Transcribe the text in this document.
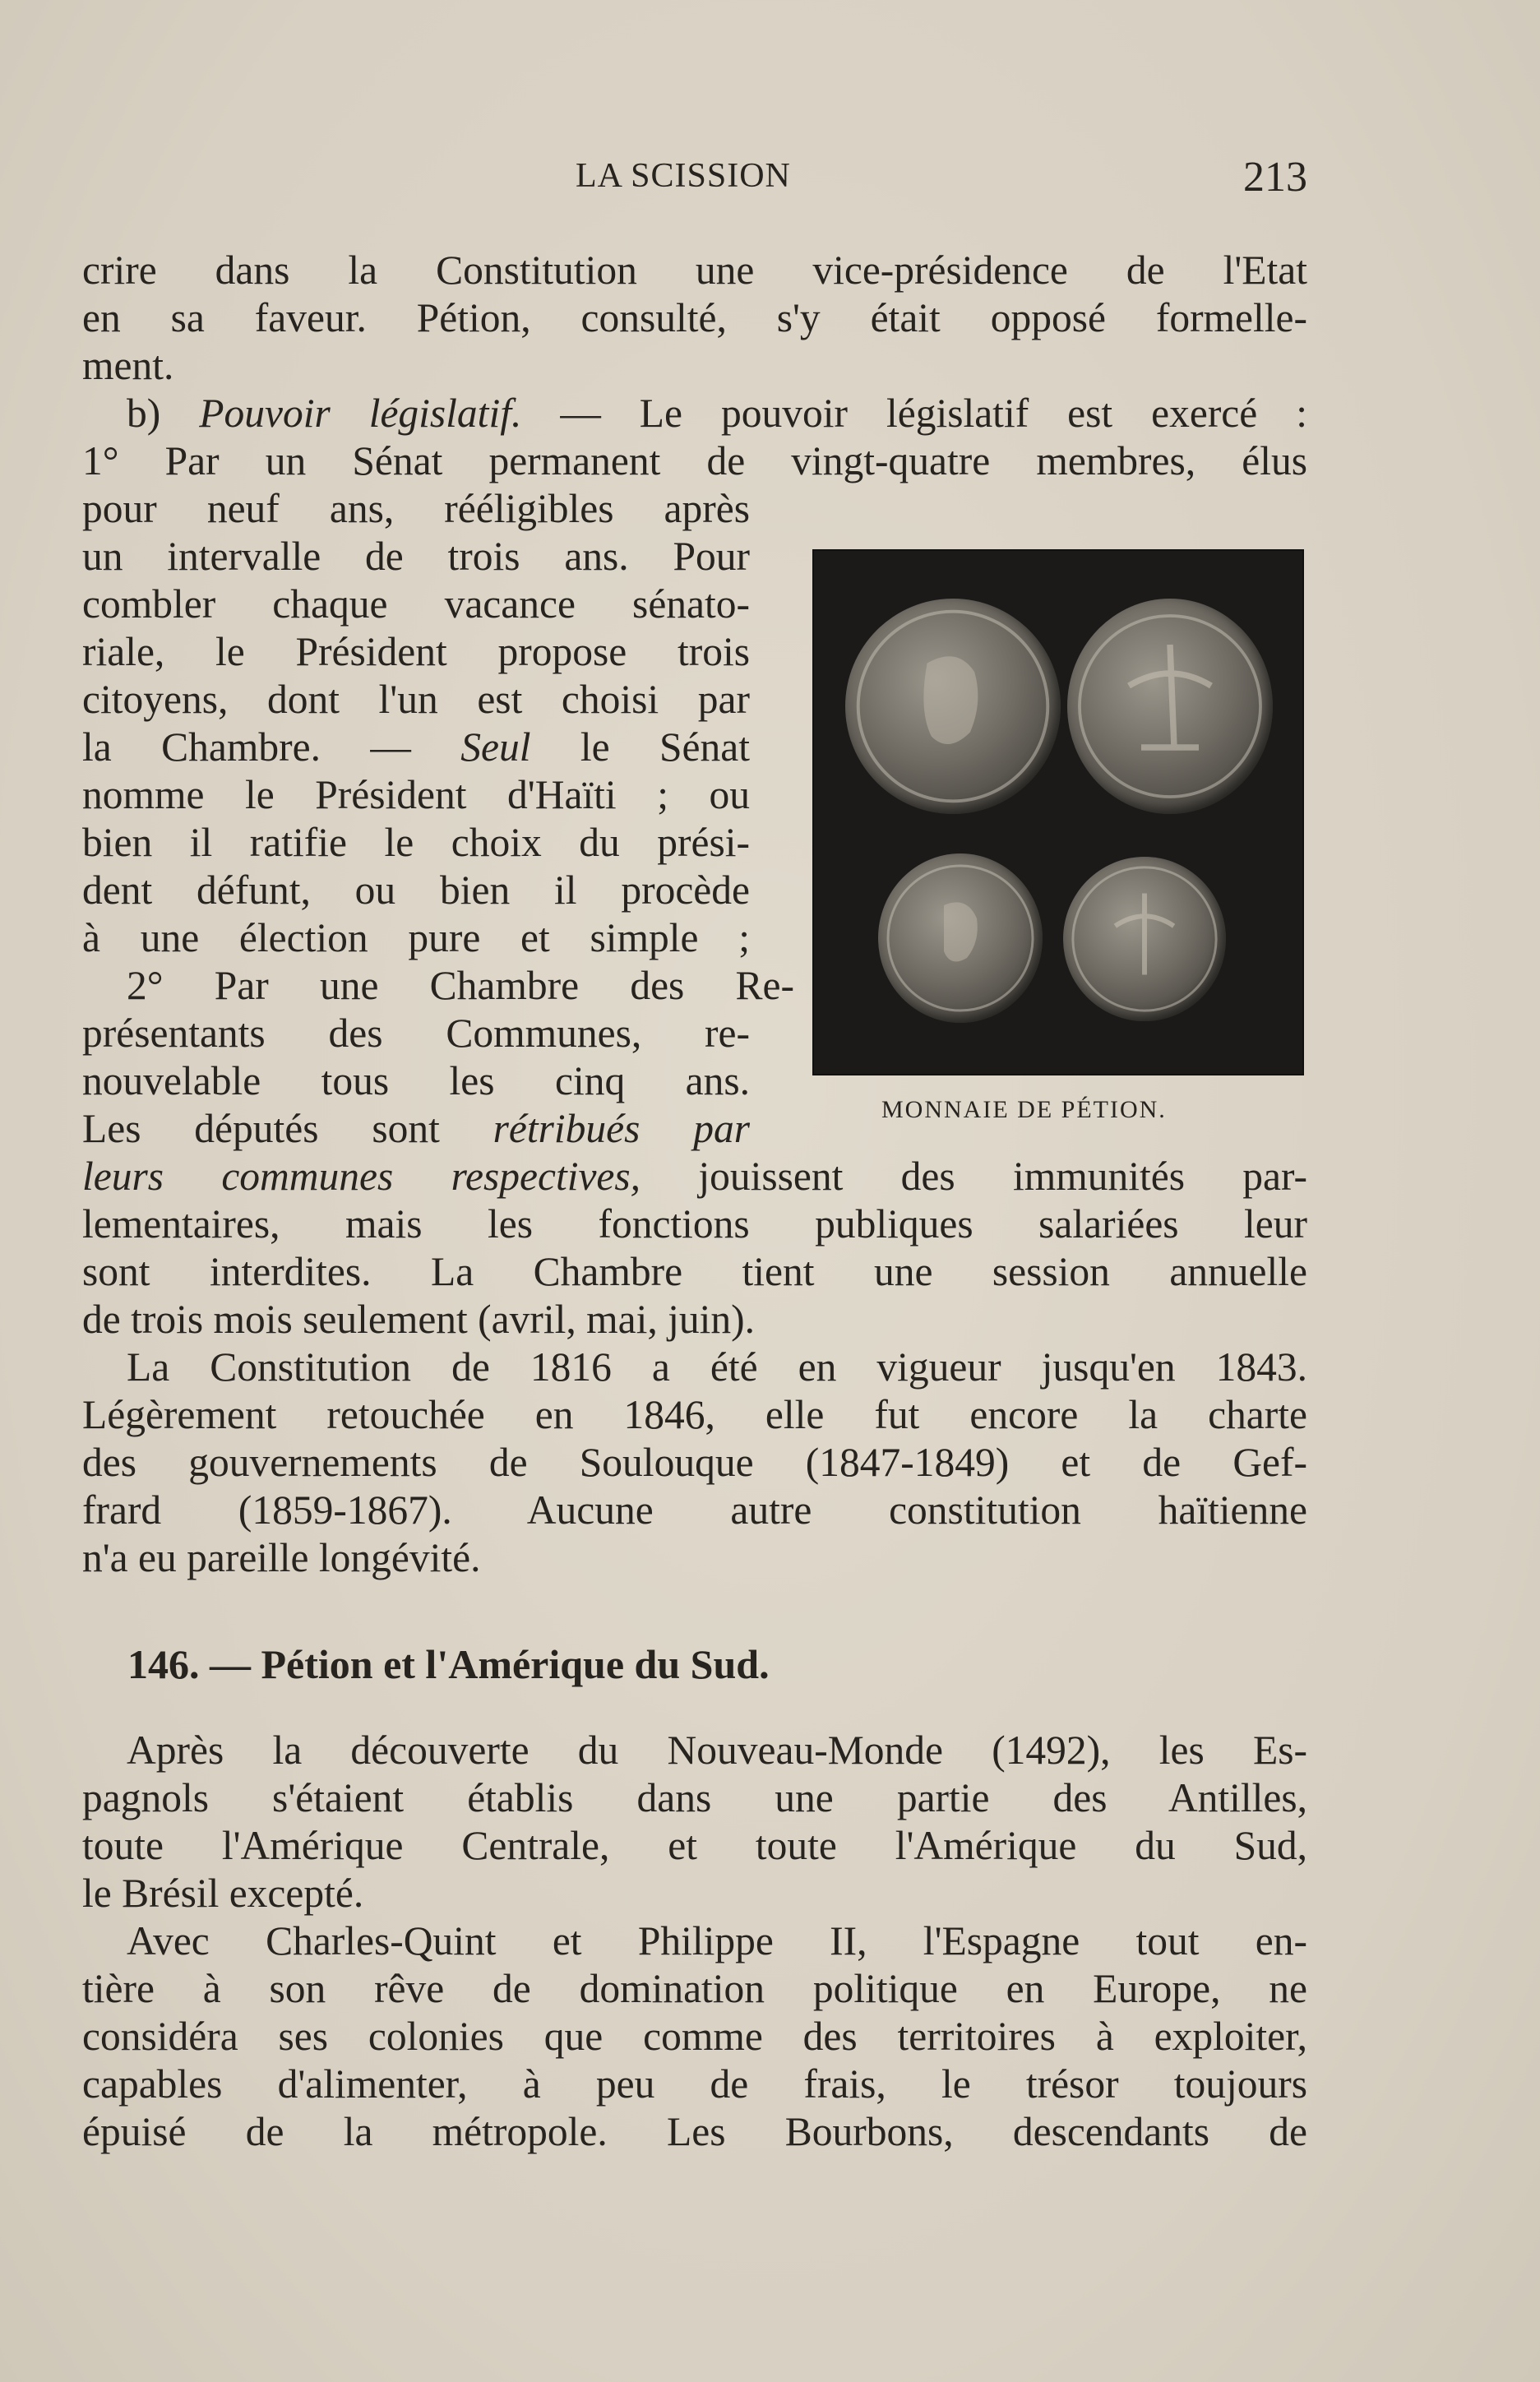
LA SCISSION	213
crire dans la Constitution une vice-présidence de l'Etat
en sa faveur. Pétion, consulté, s'y était opposé formelle-
ment.
b) Pouvoir législatif. — Le pouvoir législatif est exercé :
1° Par un Sénat permanent de vingt-quatre membres, élus
pour neuf ans, rééligibles après
un intervalle de trois ans. Pour
combler chaque vacance sénato-
riale, le Président propose trois
citoyens, dont l'un est choisi par
la Chambre. — Seul le Sénat
nomme le Président d'Haïti ; ou
bien il ratifie le choix du prési-
dent défunt, ou bien il procède
à une élection pure et simple ;
2° Par une Chambre des Re-
présentants des Communes, re-
nouvelable tous les cinq ans.
Les députés sont rétribués par
leurs communes respectives, jouissent des immunités par-
lementaires, mais les fonctions publiques salariées leur
sont interdites. La Chambre tient une session annuelle
de trois mois seulement (avril, mai, juin).
La Constitution de 1816 a été en vigueur jusqu'en 1843.
Légèrement retouchée en 1846, elle fut encore la charte
des gouvernements de Soulouque (1847-1849) et de Gef-
frard (1859-1867). Aucune autre constitution haïtienne
n'a eu pareille longévité.
MONNAIE DE PÉTION.
146. — Pétion et l'Amérique du Sud.
Après la découverte du Nouveau-Monde (1492), les Es-
pagnols s'étaient établis dans une partie des Antilles,
toute l'Amérique Centrale, et toute l'Amérique du Sud,
le Brésil excepté.
Avec Charles-Quint et Philippe II, l'Espagne tout en-
tière à son rêve de domination politique en Europe, ne
considéra ses colonies que comme des territoires à exploiter,
capables d'alimenter, à peu de frais, le trésor toujours
épuisé de la métropole. Les Bourbons, descendants de
